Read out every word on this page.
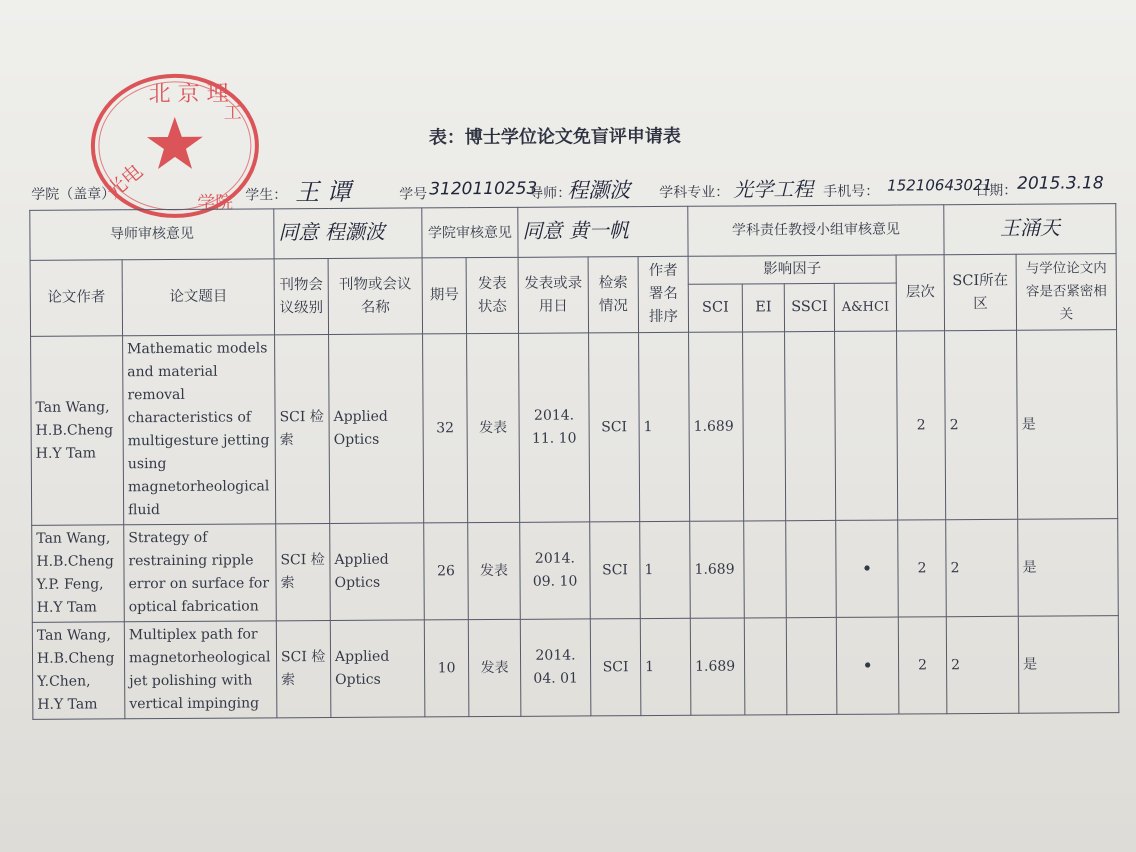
北 京 理
工
光电
学院
表：博士学位论文免盲评申请表
学院（盖章）	学生： 王 谭	学号 3120110253
导师：
程灏波 学科专业： 光学工程 手机号： 15210643021
日期： 2015.3.18
导师审核意见		同意 程灏波		学院审核意见		同意 黄一帆			学科责任教授小组审核意见					王涌天	
论文作者	论文题目	刊物会议级别	刊物或会议名称	期号	发表状态	发表或录用日	检索情况	作者署名排序	影响因子				层次	SCI所在区	与学位论文内容是否紧密相关
									SCI	EI	SSCI	A&HCI			
Tan Wang, H.B.Cheng H.Y Tam	Mathematic models and material removal characteristics of multigesture jetting using magnetorheological fluid	SCI 检索	Applied Optics	32	发表	2014. 11. 10	SCI	1	1.689				2	2	是
Tan Wang, H.B.Cheng Y.P. Feng, H.Y Tam	Strategy of restraining ripple error on surface for optical fabrication	SCI 检索	Applied Optics	26	发表	2014. 09. 10	SCI	1	1.689			•	2	2	是
Tan Wang, H.B.Cheng Y.Chen, H.Y Tam	Multiplex path for magnetorheological jet polishing with vertical impinging	SCI 检索	Applied Optics	10	发表	2014. 04. 01	SCI	1	1.689			•	2	2	是
